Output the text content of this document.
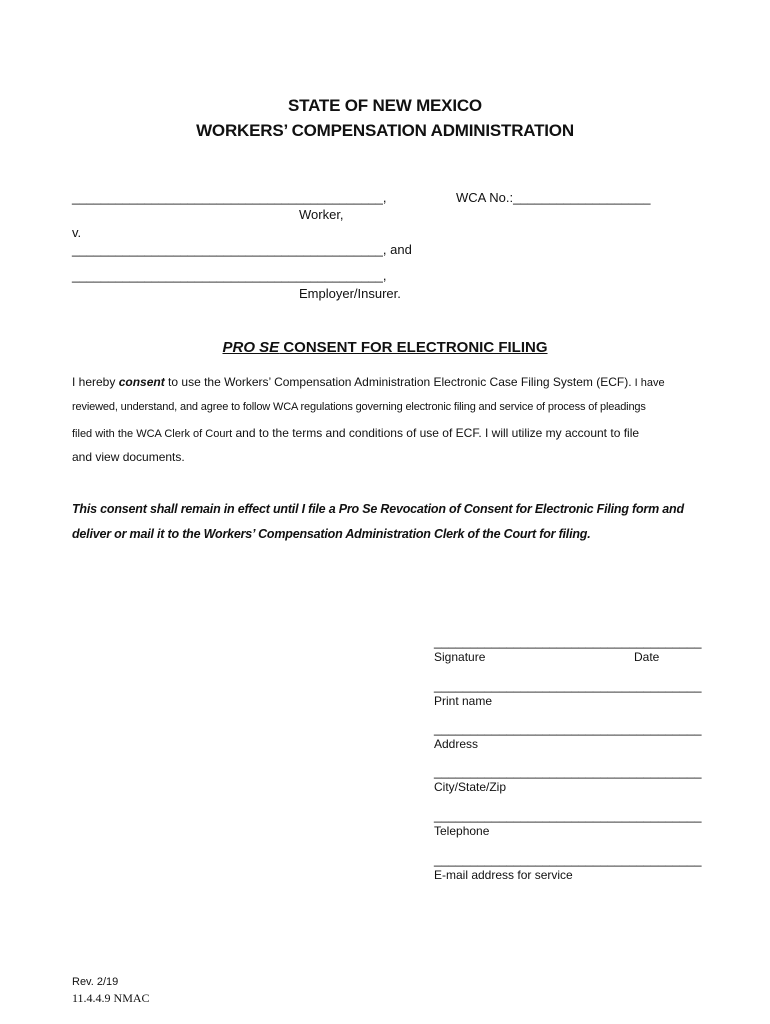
STATE OF NEW MEXICO
WORKERS’ COMPENSATION ADMINISTRATION
___________________________________________,	WCA No.:___________________
Worker,
v.
___________________________________________, and
___________________________________________,
Employer/Insurer.
PRO SE CONSENT FOR ELECTRONIC FILING
I hereby consent to use the Workers’ Compensation Administration Electronic Case Filing System (ECF). I have
reviewed, understand, and agree to follow WCA regulations governing electronic filing and service of process of pleadings
filed with the WCA Clerk of Court and to the terms and conditions of use of ECF. I will utilize my account to file
and view documents.
This consent shall remain in effect until I file a Pro Se Revocation of Consent for Electronic Filing form and
deliver or mail it to the Workers’ Compensation Administration Clerk of the Court for filing.
_____________________________________
Signature	Date
_____________________________________
Print name
_____________________________________
Address
_____________________________________
City/State/Zip
_____________________________________
Telephone
_____________________________________
E-mail address for service
Rev. 2/19
11.4.4.9 NMAC
